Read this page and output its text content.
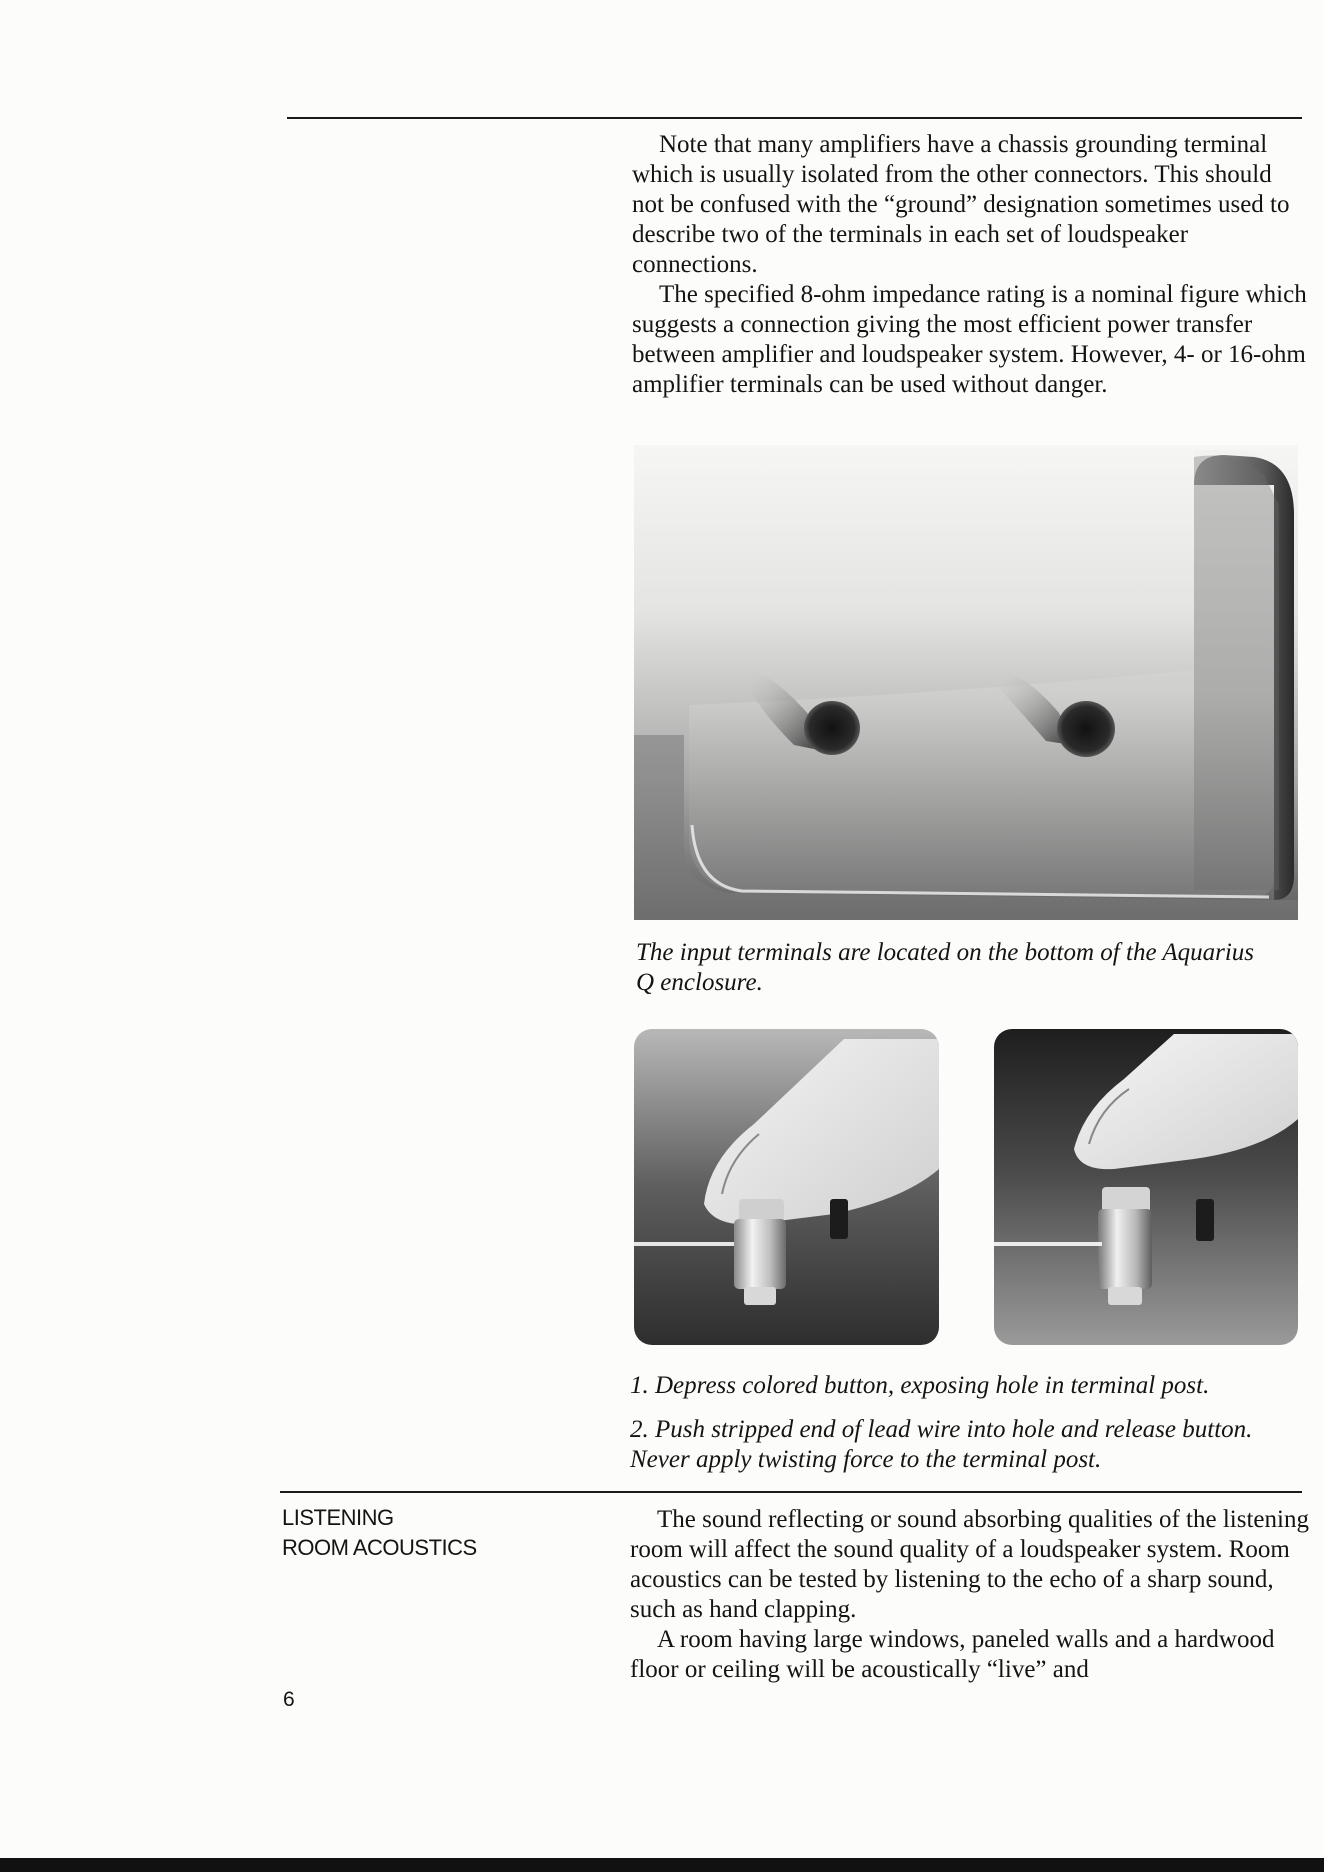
Note that many amplifiers have a chassis grounding terminal which is usually isolated from the other connectors. This should not be confused with the “ground” designation sometimes used to describe two of the terminals in each set of loudspeaker connections.

The specified 8-ohm impedance rating is a nominal figure which suggests a connection giving the most efficient power transfer between amplifier and loudspeaker system. However, 4- or 16-ohm amplifier terminals can be used without danger.

The input terminals are located on the bottom of the Aquarius Q enclosure.
1. Depress colored button, exposing hole in terminal post.
2. Push stripped end of lead wire into hole and release button. Never apply twisting force to the terminal post.
LISTENING
ROOM ACOUSTICS

The sound reflecting or sound absorbing qualities of the listening room will affect the sound quality of a loudspeaker system. Room acoustics can be tested by listening to the echo of a sharp sound, such as hand clapping.

A room having large windows, paneled walls and a hardwood floor or ceiling will be acoustically “live” and

6
